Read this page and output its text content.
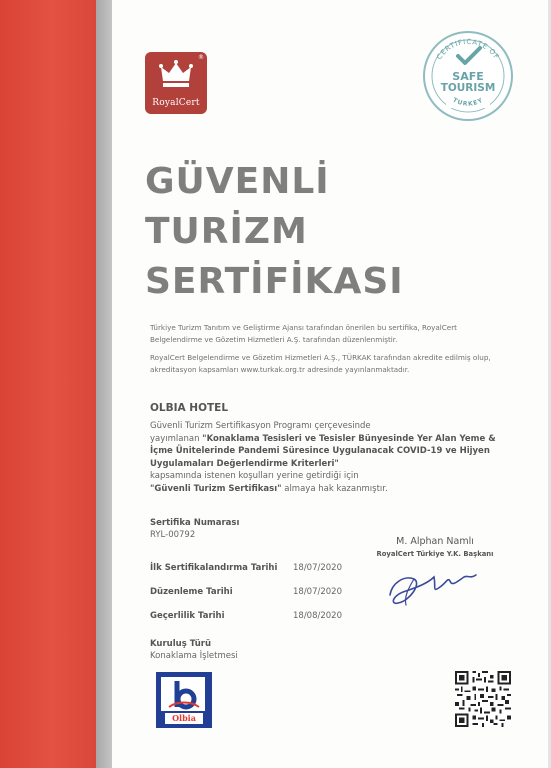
®
RoyalCert
CERTIFICATE OF
TURKEY
SAFE
TOURISM
GÜVENLİ
TURİZM
SERTİFİKASI
Türkiye Turizm Tanıtım ve Geliştirme Ajansı tarafından önerilen bu sertifika, RoyalCert Belgelendirme ve Gözetim Hizmetleri A.Ş. tarafından düzenlenmiştir.
RoyalCert Belgelendirme ve Gözetim Hizmetleri A.Ş., TÜRKAK tarafından akredite edilmiş olup, akreditasyon kapsamları www.turkak.org.tr adresinde yayınlanmaktadır.
OLBIA HOTEL
Güvenli Turizm Sertifikasyon Programı çerçevesinde
yayımlanan "Konaklama Tesisleri ve Tesisler Bünyesinde Yer Alan Yeme & İçme Ünitelerinde Pandemi Süresince Uygulanacak COVID-19 ve Hijyen Uygulamaları Değerlendirme Kriterleri"
kapsamında istenen koşulları yerine getirdiği için
"Güvenli Turizm Sertifikası" almaya hak kazanmıştır.
Sertifika Numarası
RYL-00792
İlk Sertifikalandırma Tarihi 18/07/2020
Düzenleme Tarihi	18/07/2020
Geçerlilik Tarihi	18/08/2020
Kuruluş Türü
Konaklama İşletmesi
M. Alphan Namlı
RoyalCert Türkiye Y.K. Başkanı
Olbia
